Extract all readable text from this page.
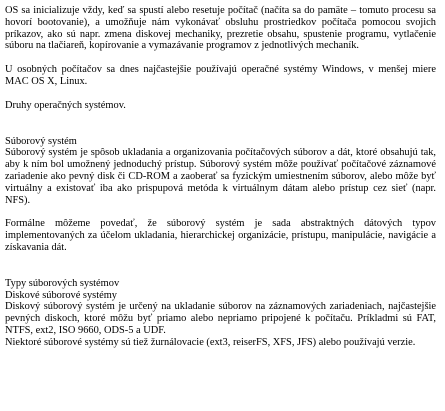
OS sa inicializuje vždy, keď sa spustí alebo resetuje počítač (načíta sa do pamäte – tomuto procesu sa hovorí bootovanie), a umožňuje nám vykonávať obsluhu prostriedkov počítača pomocou svojich príkazov, ako sú napr. zmena diskovej mechaniky, prezretie obsahu, spustenie programu, vytlačenie súboru na tlačiareň, kopírovanie a vymazávanie programov z jednotlivých mechaník.

U osobných počítačov sa dnes najčastejšie používajú operačné systémy Windows, v menšej miere MAC OS X, Linux.

Druhy operačných systémov.

Súborový systém

Súborový systém je spôsob ukladania a organizovania počítačových súborov a dát, ktoré obsahujú tak, aby k ním bol umožnený jednoduchý prístup. Súborový systém môže používať počítačové záznamové zariadenie ako pevný disk či CD-ROM a zaoberať sa fyzickým umiestnením súborov, alebo môže byť virtuálny a existovať iba ako prispupová metóda k virtuálnym dátam alebo prístup cez sieť (napr. NFS).

Formálne môžeme povedať, že súborový systém je sada abstraktných dátových typov implementovaných za účelom ukladania, hierarchickej organizácie, prístupu, manipulácie, navigácie a získavania dát.

Typy súborových systémov

Diskové súborové systémy

Diskový súborový systém je určený na ukladanie súborov na záznamových zariadeniach, najčastejšie pevných diskoch, ktoré môžu byť priamo alebo nepriamo pripojené k počítaču. Príkladmi sú FAT, NTFS, ext2, ISO 9660, ODS-5 a UDF.

Niektoré súborové systémy sú tiež žurnálovacie (ext3, reiserFS, XFS, JFS) alebo používajú verzie.
